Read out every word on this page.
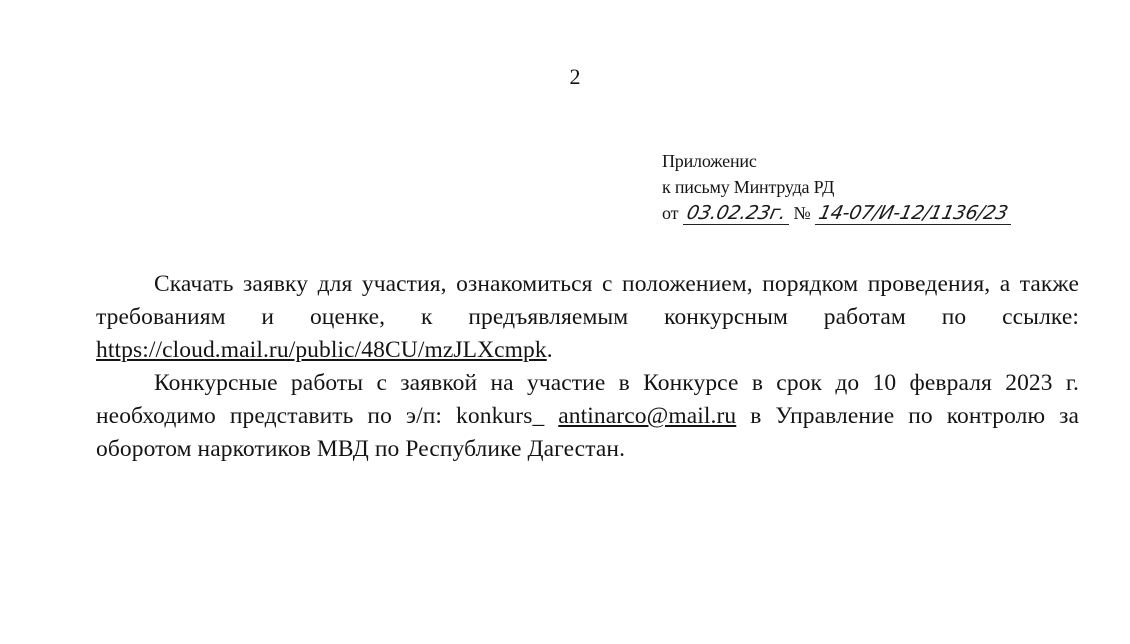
2
Приложенис
к письму Минтруда РД
от 03.02.23г. № 14-07/И-12/1136/23

Скачать заявку для участия, ознакомиться с положением, порядком проведения, а также требованиям и оценке, к предъявляемым конкурсным работам по ссылке: https://cloud.mail.ru/public/48CU/mzJLXcmpk.

Конкурсные работы с заявкой на участие в Конкурсе в срок до 10 февраля 2023 г. необходимо представить по э/п: konkurs_ antinarco@mail.ru в Управление по контролю за оборотом наркотиков МВД по Республике Дагестан.
